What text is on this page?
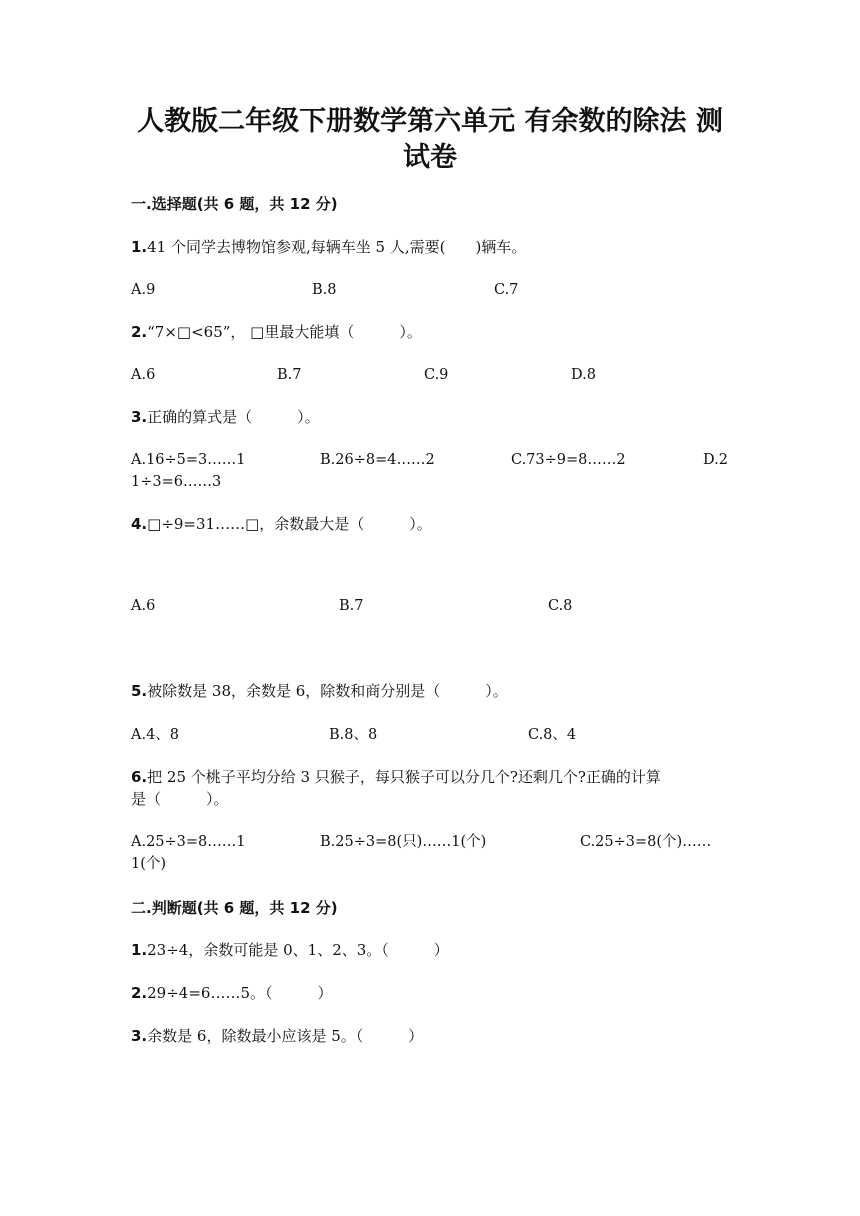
人教版二年级下册数学第六单元 有余数的除法 测
试卷
一.选择题(共 6 题，共 12 分)
1.41 个同学去博物馆参观,每辆车坐 5 人,需要(　　)辆车。
A.9	B.8	C.7
2.“7×□<65”， □里最大能填（　　　）。
A.6	B.7	C.9	D.8
3.正确的算式是（　　　）。
A.16÷5=3……1	B.26÷8=4……2	C.73÷9=8……2	D.2
1÷3=6……3
4.□÷9=31……□，余数最大是（　　　）。
A.6	B.7	C.8
5.被除数是 38，余数是 6，除数和商分别是（　　　）。
A.4、8	B.8、8	C.8、4
6.把 25 个桃子平均分给 3 只猴子，每只猴子可以分几个?还剩几个?正确的计算
是（　　　）。
A.25÷3=8……1	B.25÷3=8(只)……1(个)	C.25÷3=8(个)……
1(个)
二.判断题(共 6 题，共 12 分)
1.23÷4，余数可能是 0、1、2、3。（　　　）
2.29÷4=6……5。（　　　）
3.余数是 6，除数最小应该是 5。（　　　）
